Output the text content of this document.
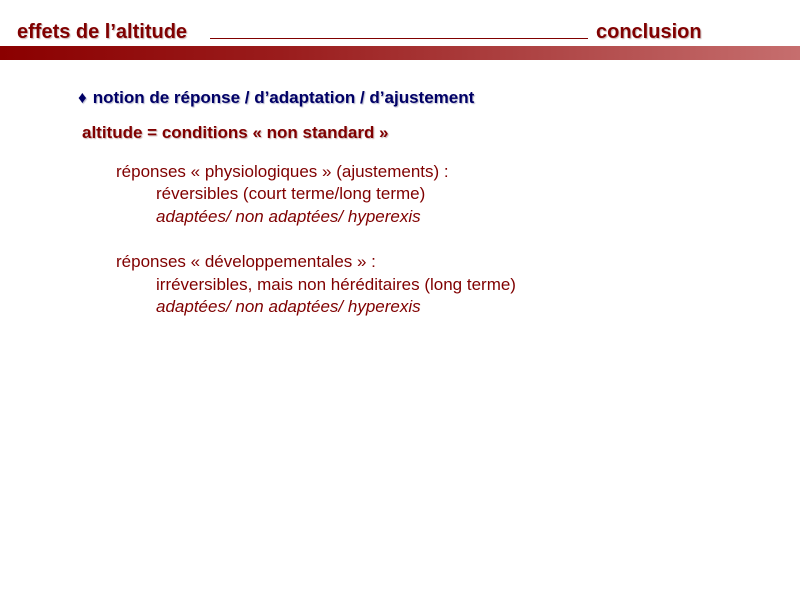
effets de l’altitude	conclusion
♦ notion de réponse / d’adaptation / d’ajustement
altitude = conditions « non standard »
réponses « physiologiques » (ajustements) :
réversibles (court terme/long terme)
adaptées/ non adaptées/ hyperexis
réponses « développementales » :
irréversibles, mais non héréditaires (long terme)
adaptées/ non adaptées/ hyperexis
